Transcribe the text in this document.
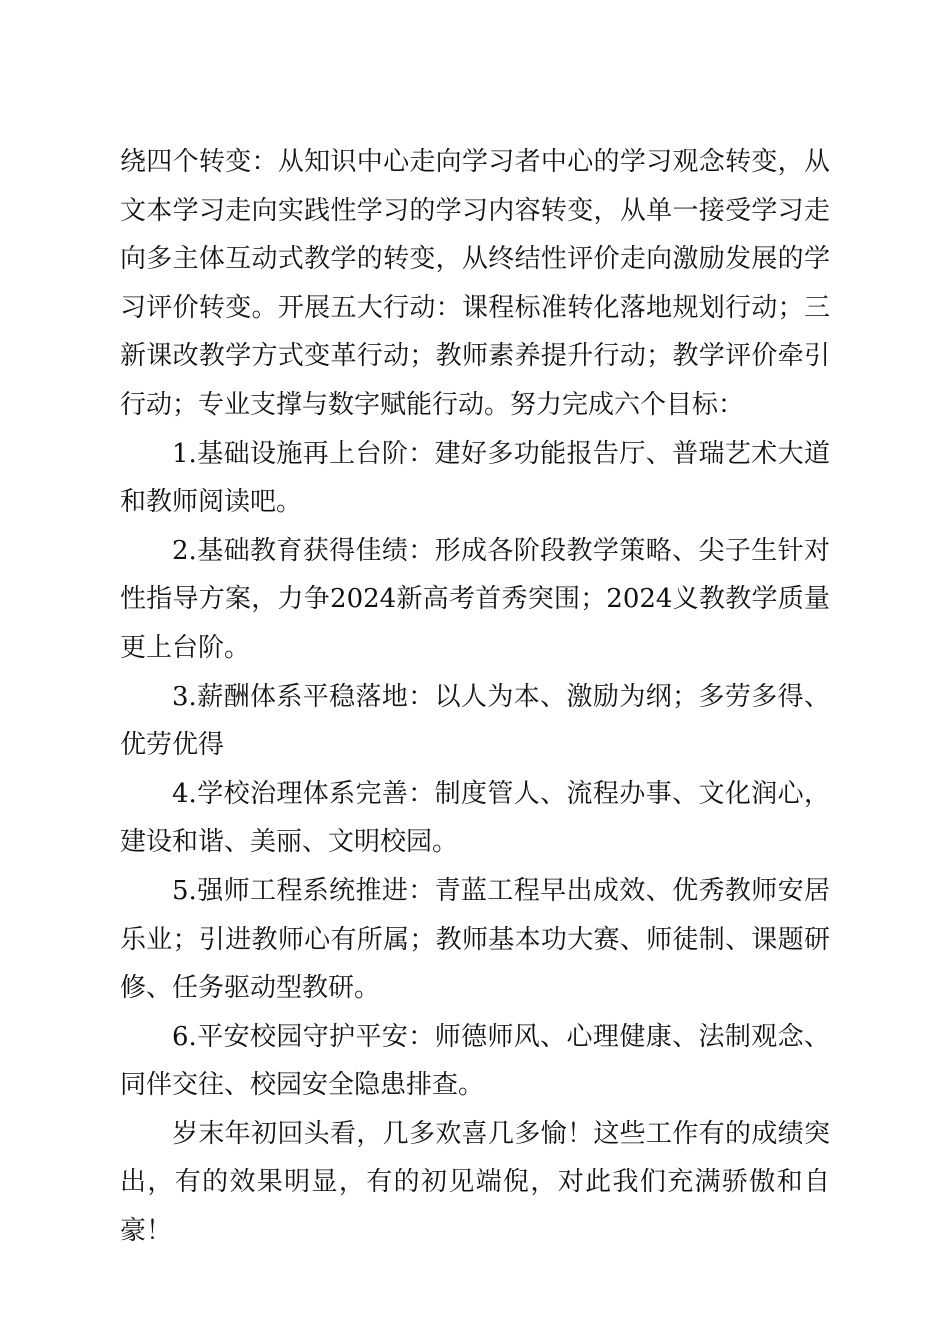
绕四个转变：从知识中心走向学习者中心的学习观念转变，从文本学习走向实践性学习的学习内容转变，从单一接受学习走向多主体互动式教学的转变，从终结性评价走向激励发展的学习评价转变。开展五大行动：课程标准转化落地规划行动；三新课改教学方式变革行动；教师素养提升行动；教学评价牵引行动；专业支撑与数字赋能行动。努力完成六个目标：

1.基础设施再上台阶：建好多功能报告厅、普瑞艺术大道和教师阅读吧。

2.基础教育获得佳绩：形成各阶段教学策略、尖子生针对性指导方案，力争2024新高考首秀突围；2024义教教学质量更上台阶。

3.薪酬体系平稳落地：以人为本、激励为纲；多劳多得、优劳优得

4.学校治理体系完善：制度管人、流程办事、文化润心，建设和谐、美丽、文明校园。

5.强师工程系统推进：青蓝工程早出成效、优秀教师安居乐业；引进教师心有所属；教师基本功大赛、师徒制、课题研修、任务驱动型教研。

6.平安校园守护平安：师德师风、心理健康、法制观念、同伴交往、校园安全隐患排查。

岁末年初回头看，几多欢喜几多愉！这些工作有的成绩突出，有的效果明显，有的初见端倪，对此我们充满骄傲和自豪！
